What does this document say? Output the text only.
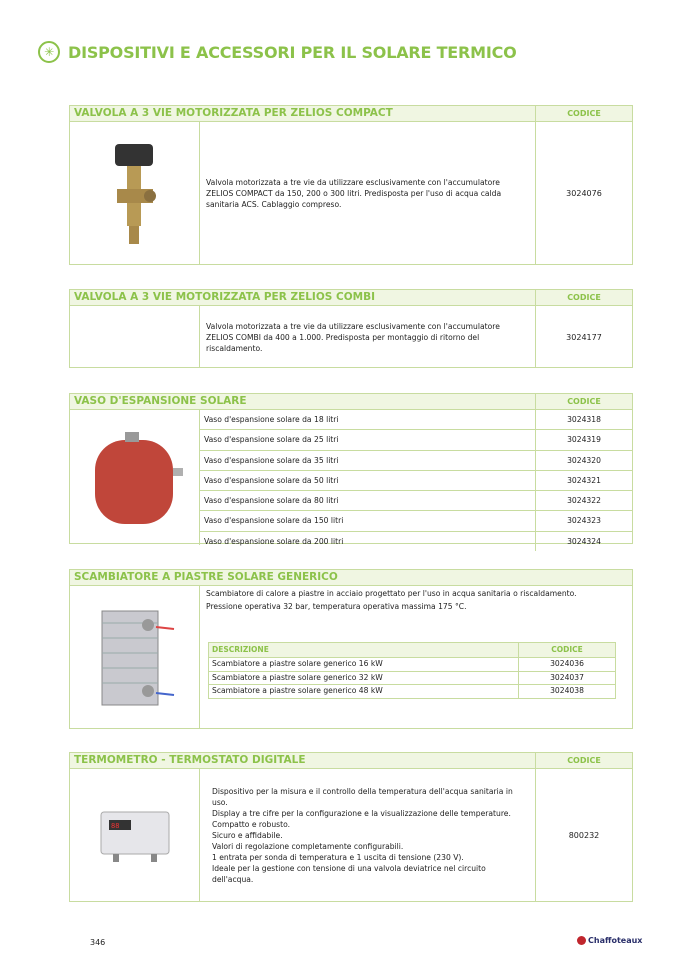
✳ DISPOSITIVI E ACCESSORI PER IL SOLARE TERMICO
VALVOLA A 3 VIE MOTORIZZATA PER ZELIOS COMPACT	CODICE
Valvola motorizzata a tre vie da utilizzare esclusivamente con l'accumulatore ZELIOS COMPACT da 150, 200 o 300 litri. Predisposta per l'uso di acqua calda sanitaria ACS. Cablaggio compreso.
3024076
VALVOLA A 3 VIE MOTORIZZATA PER ZELIOS COMBI	CODICE
Valvola motorizzata a tre vie da utilizzare esclusivamente con l'accumulatore ZELIOS COMBI da 400 a 1.000. Predisposta per montaggio di ritorno del riscaldamento.
3024177
VASO D'ESPANSIONE SOLARE	CODICE
Vaso d'espansione solare da 18 litri	3024318
Vaso d'espansione solare da 25 litri	3024319
Vaso d'espansione solare da 35 litri	3024320
Vaso d'espansione solare da 50 litri	3024321
Vaso d'espansione solare da 80 litri	3024322
Vaso d'espansione solare da 150 litri	3024323
Vaso d'espansione solare da 200 litri	3024324
SCAMBIATORE A PIASTRE SOLARE GENERICO
Scambiatore di calore a piastre in acciaio progettato per l'uso in acqua sanitaria o riscaldamento.
Pressione operativa 32 bar, temperatura operativa massima 175 °C.
DESCRIZIONE	CODICE
Scambiatore a piastre solare generico 16 kW	3024036
Scambiatore a piastre solare generico 32 kW	3024037
Scambiatore a piastre solare generico 48 kW	3024038
TERMOMETRO - TERMOSTATO DIGITALE	CODICE
88
Dispositivo per la misura e il controllo della temperatura dell'acqua sanitaria in uso.
Display a tre cifre per la configurazione e la visualizzazione delle temperature.
Compatto e robusto.
Sicuro e affidabile.
Valori di regolazione completamente configurabili.
1 entrata per sonda di temperatura e 1 uscita di tensione (230 V).
Ideale per la gestione con tensione di una valvola deviatrice nel circuito dell'acqua.
800232
346	Chaffoteaux
